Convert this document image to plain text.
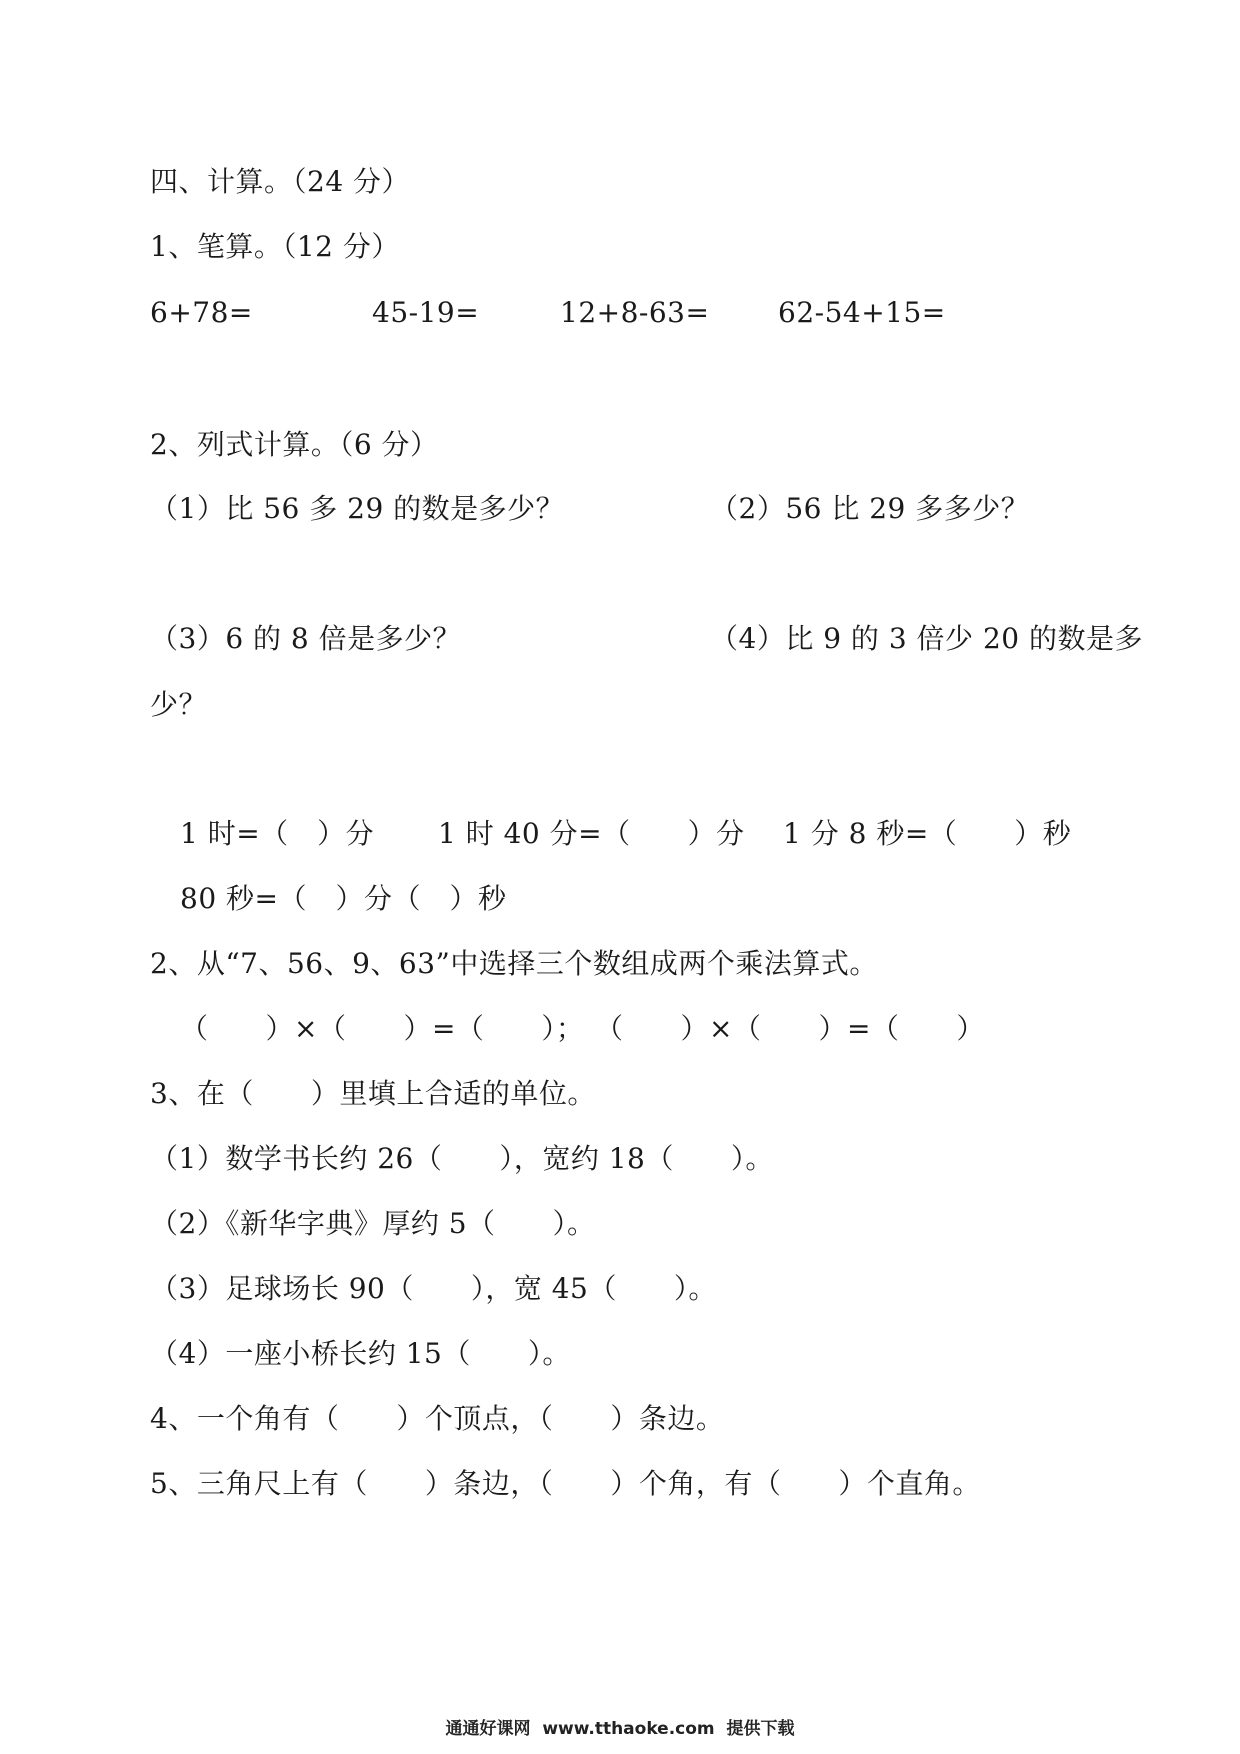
四、计算。（24 分）
1、笔算。（12 分）
6+78=	45-19=	12+8-63= 62-54+15=
2、列式计算。（6 分）
（1）比 56 多 29 的数是多少？	（2）56 比 29 多多少？
（3）6 的 8 倍是多少？	（4）比 9 的 3 倍少 20 的数是多
少？
1 时=（　）分 1 时 40 分=（　　）分 1 分 8 秒=（　　）秒
80 秒=（　）分（　）秒
2、从“7、56、9、63”中选择三个数组成两个乘法算式。
（　　）×（　　）=（　　）； （　　）×（　　）=（　　）
3、在（　　）里填上合适的单位。
（1）数学书长约 26（　　），宽约 18（　　）。
（2）《新华字典》厚约 5（　　）。
（3）足球场长 90（　　），宽 45（　　）。
（4）一座小桥长约 15（　　）。
4、一个角有（　　）个顶点，（　　）条边。
5、三角尺上有（　　）条边，（　　）个角，有（　　）个直角。
通通好课网  www.tthaoke.com  提供下载
